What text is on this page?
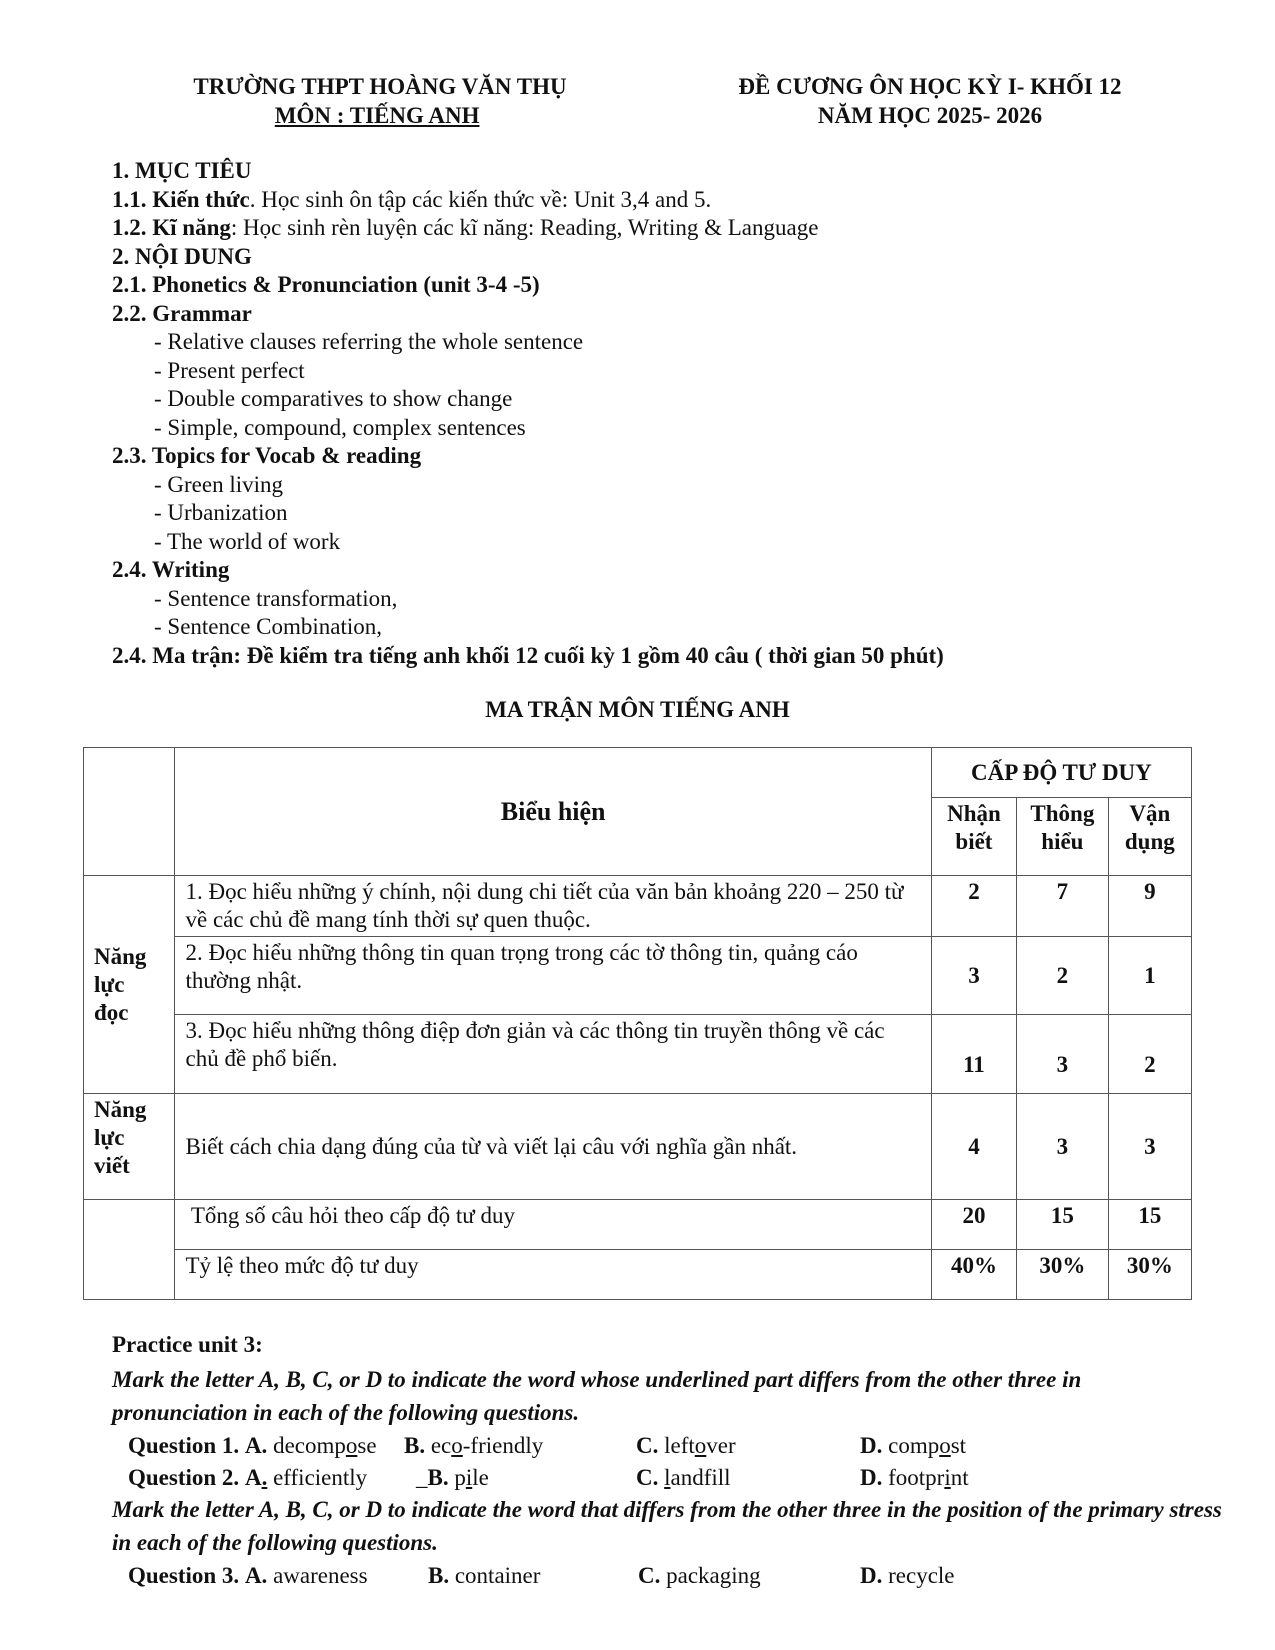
TRƯỜNG THPT HOÀNG VĂN THỤ
MÔN : TIẾNG ANH
ĐỀ CƯƠNG ÔN HỌC KỲ I- KHỐI 12
NĂM HỌC 2025- 2026
1. MỤC TIÊU
1.1. Kiến thức. Học sinh ôn tập các kiến thức về: Unit 3,4 and 5.
1.2. Kĩ năng: Học sinh rèn luyện các kĩ năng: Reading, Writing & Language
2. NỘI DUNG
2.1. Phonetics & Pronunciation (unit 3-4 -5)
2.2. Grammar
- Relative clauses referring the whole sentence
- Present perfect
- Double comparatives to show change
- Simple, compound, complex sentences
2.3. Topics for Vocab & reading
- Green living
- Urbanization
- The world of work
2.4. Writing
- Sentence transformation,
- Sentence Combination,
2.4. Ma trận: Đề kiểm tra tiếng anh khối 12 cuối kỳ 1 gồm 40 câu ( thời gian 50 phút)
MA TRẬN MÔN TIẾNG ANH
	Biểu hiện	CẤP ĐỘ TƯ DUY		
		Nhận biết	Thông hiểu	Vận dụng
Năng lực đọc	1. Đọc hiểu những ý chính, nội dung chi tiết của văn bản khoảng 220 – 250 từ về các chủ đề mang tính thời sự quen thuộc.	2	7	9
	2. Đọc hiểu những thông tin quan trọng trong các tờ thông tin, quảng cáo thường nhật.	3	2	1
	3. Đọc hiểu những thông điệp đơn giản và các thông tin truyền thông về các chủ đề phổ biến.	11	3	2
Năng lực viết	Biết cách chia dạng đúng của từ và viết lại câu với nghĩa gần nhất.	4	3	3
	Tổng số câu hỏi theo cấp độ tư duy	20	15	15
	Tỷ lệ theo mức độ tư duy	40%	30%	30%
Practice unit 3:
Mark the letter A, B, C, or D to indicate the word whose underlined part differs from the other three in pronunciation in each of the following questions.
Question 1. A. decompose B. eco-friendly	C. leftover	D. compost
Question 2. A. efficiently _B. pile	C. landfill	D. footprint
Mark the letter A, B, C, or D to indicate the word that differs from the other three in the position of the primary stress in each of the following questions.
Question 3. A. awareness	B. container	C. packaging	D. recycle
